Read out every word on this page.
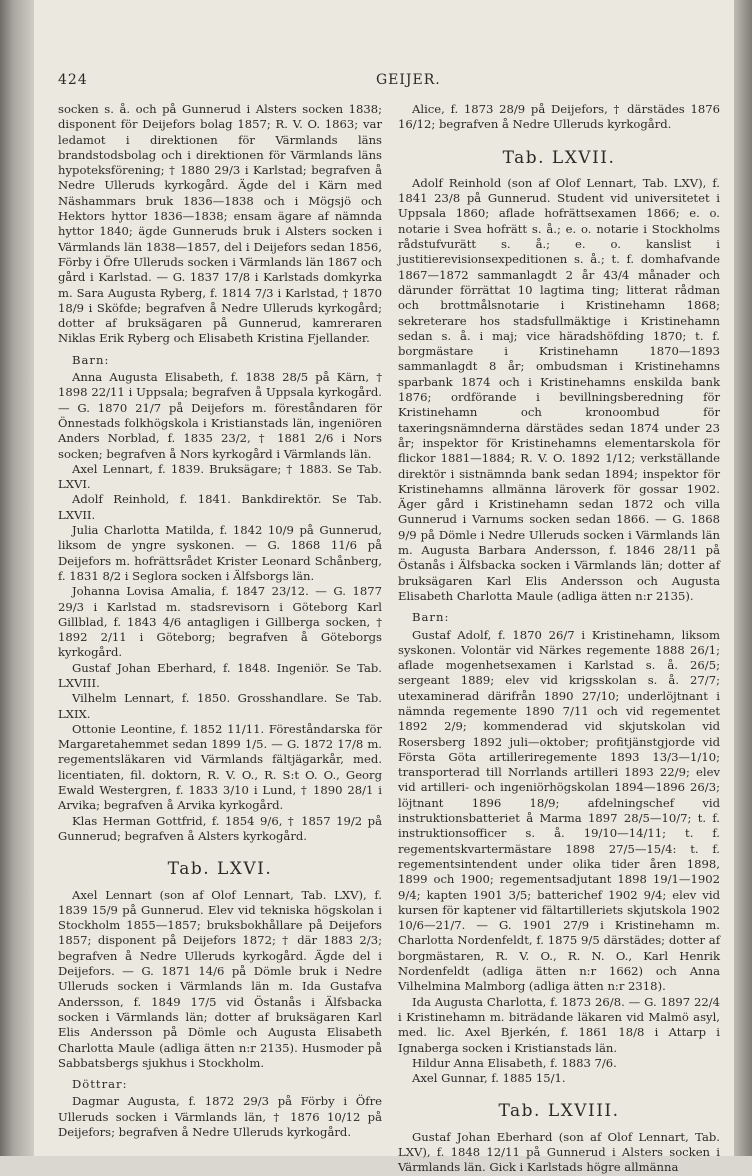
424	GEIJER.

socken s. å. och på Gunnerud i Alsters socken 1838; disponent för Deijefors bolag 1857; R. V. O. 1863; var ledamot i direktionen för Värmlands läns brandstodsbolag och i direktionen för Värmlands läns hypoteksförening; † 1880 29/3 i Karlstad; begrafven å Nedre Ulleruds kyrkogård. Ägde del i Kärn med Näshammars bruk 1836—1838 och i Mögsjö och Hektors hyttor 1836—1838; ensam ägare af nämnda hyttor 1840; ägde Gunneruds bruk i Alsters socken i Värmlands län 1838—1857, del i Deijefors sedan 1856, Förby i Öfre Ulleruds socken i Värmlands län 1867 och gård i Karlstad. — G. 1837 17/8 i Karlstads domkyrka m. Sara Augusta Ryberg, f. 1814 7/3 i Karlstad, † 1870 18/9 i Sköfde; begrafven å Nedre Ulleruds kyrkogård; dotter af bruksägaren på Gunnerud, kamreraren Niklas Erik Ryberg och Elisabeth Kristina Fjellander.

Barn:

Anna Augusta Elisabeth, f. 1838 28/5 på Kärn, † 1898 22/11 i Uppsala; begrafven å Uppsala kyrkogård. — G. 1870 21/7 på Deijefors m. föreståndaren för Önnestads folkhögskola i Kristianstads län, ingeniören Anders Norblad, f. 1835 23/2, † 1881 2/6 i Nors socken; begrafven å Nors kyrkogård i Värmlands län.

Axel Lennart, f. 1839. Bruksägare; † 1883. Se Tab. LXVI.

Adolf Reinhold, f. 1841. Bankdirektör. Se Tab. LXVII.

Julia Charlotta Matilda, f. 1842 10/9 på Gunnerud, liksom de yngre syskonen. — G. 1868 11/6 på Deijefors m. hofrättsrådet Krister Leonard Schånberg, f. 1831 8/2 i Seglora socken i Älfsborgs län.

Johanna Lovisa Amalia, f. 1847 23/12. — G. 1877 29/3 i Karlstad m. stadsrevisorn i Göteborg Karl Gillblad, f. 1843 4/6 antagligen i Gillberga socken, † 1892 2/11 i Göteborg; begrafven å Göteborgs kyrkogård.

Gustaf Johan Eberhard, f. 1848. Ingeniör. Se Tab. LXVIII.

Vilhelm Lennart, f. 1850. Grosshandlare. Se Tab. LXIX.

Ottonie Leontine, f. 1852 11/11. Föreståndarska för Margaretahemmet sedan 1899 1/5. — G. 1872 17/8 m. regementsläkaren vid Värmlands fältjägarkår, med. licentiaten, fil. doktorn, R. V. O., R. S:t O. O., Georg Ewald Westergren, f. 1833 3/10 i Lund, † 1890 28/1 i Arvika; begrafven å Arvika kyrkogård.

Klas Herman Gottfrid, f. 1854 9/6, † 1857 19/2 på Gunnerud; begrafven å Alsters kyrkogård.

Tab. LXVI.

Axel Lennart (son af Olof Lennart, Tab. LXV), f. 1839 15/9 på Gunnerud. Elev vid tekniska högskolan i Stockholm 1855—1857; bruksbokhållare på Deijefors 1857; disponent på Deijefors 1872; † där 1883 2/3; begrafven å Nedre Ulleruds kyrkogård. Ägde del i Deijefors. — G. 1871 14/6 på Dömle bruk i Nedre Ulleruds socken i Värmlands län m. Ida Gustafva Andersson, f. 1849 17/5 vid Östanås i Älfsbacka socken i Värmlands län; dotter af bruksägaren Karl Elis Andersson på Dömle och Augusta Elisabeth Charlotta Maule (adliga ätten n:r 2135). Husmoder på Sabbatsbergs sjukhus i Stockholm.

Döttrar:

Dagmar Augusta, f. 1872 29/3 på Förby i Öfre Ulleruds socken i Värmlands län, † 1876 10/12 på Deijefors; begrafven å Nedre Ulleruds kyrkogård.

Alice, f. 1873 28/9 på Deijefors, † därstädes 1876 16/12; begrafven å Nedre Ulleruds kyrkogård.

Tab. LXVII.

Adolf Reinhold (son af Olof Lennart, Tab. LXV), f. 1841 23/8 på Gunnerud. Student vid universitetet i Uppsala 1860; aflade hofrättsexamen 1866; e. o. notarie i Svea hofrätt s. å.; e. o. notarie i Stockholms rådstufvurätt s. å.; e. o. kanslist i justitierevisionsexpeditionen s. å.; t. f. domhafvande 1867—1872 sammanlagdt 2 år 43/4 månader och därunder förrättat 10 lagtima ting; litterat rådman och brottmålsnotarie i Kristinehamn 1868; sekreterare hos stadsfullmäktige i Kristinehamn sedan s. å. i maj; vice häradshöfding 1870; t. f. borgmästare i Kristinehamn 1870—1893 sammanlagdt 8 år; ombudsman i Kristinehamns sparbank 1874 och i Kristinehamns enskilda bank 1876; ordförande i bevillningsberedning för Kristinehamn och kronoombud för taxeringsnämnderna därstädes sedan 1874 under 23 år; inspektor för Kristinehamns elementarskola för flickor 1881—1884; R. V. O. 1892 1/12; verkställande direktör i sistnämnda bank sedan 1894; inspektor för Kristinehamns allmänna läroverk för gossar 1902. Äger gård i Kristinehamn sedan 1872 och villa Gunnerud i Varnums socken sedan 1866. — G. 1868 9/9 på Dömle i Nedre Ulleruds socken i Värmlands län m. Augusta Barbara Andersson, f. 1846 28/11 på Östanås i Älfsbacka socken i Värmlands län; dotter af bruksägaren Karl Elis Andersson och Augusta Elisabeth Charlotta Maule (adliga ätten n:r 2135).

Barn:

Gustaf Adolf, f. 1870 26/7 i Kristinehamn, liksom syskonen. Volontär vid Närkes regemente 1888 26/1; aflade mogenhetsexamen i Karlstad s. å. 26/5; sergeant 1889; elev vid krigsskolan s. å. 27/7; utexaminerad därifrån 1890 27/10; underlöjtnant i nämnda regemente 1890 7/11 och vid regementet 1892 2/9; kommenderad vid skjutskolan vid Rosersberg 1892 juli—oktober; profitjänstgjorde vid Första Göta artilleriregemente 1893 13/3—1/10; transporterad till Norrlands artilleri 1893 22/9; elev vid artilleri- och ingeniörhögskolan 1894—1896 26/3; löjtnant 1896 18/9; afdelningschef vid instruktionsbatteriet å Marma 1897 28/5—10/7; t. f. instruktionsofficer s. å. 19/10—14/11; t. f. regementskvartermästare 1898 27/5—15/4: t. f. regementsintendent under olika tider åren 1898, 1899 och 1900; regementsadjutant 1898 19/1—1902 9/4; kapten 1901 3/5; batterichef 1902 9/4; elev vid kursen för kaptener vid fältartilleriets skjutskola 1902 10/6—21/7. — G. 1901 27/9 i Kristinehamn m. Charlotta Nordenfeldt, f. 1875 9/5 därstädes; dotter af borgmästaren, R. V. O., R. N. O., Karl Henrik Nordenfeldt (adliga ätten n:r 1662) och Anna Vilhelmina Malmborg (adliga ätten n:r 2318).

Ida Augusta Charlotta, f. 1873 26/8. — G. 1897 22/4 i Kristinehamn m. biträdande läkaren vid Malmö asyl, med. lic. Axel Bjerkén, f. 1861 18/8 i Attarp i Ignaberga socken i Kristianstads län.

Hildur Anna Elisabeth, f. 1883 7/6.

Axel Gunnar, f. 1885 15/1.

Tab. LXVIII.

Gustaf Johan Eberhard (son af Olof Lennart, Tab. LXV), f. 1848 12/11 på Gunnerud i Alsters socken i Värmlands län. Gick i Karlstads högre allmänna
